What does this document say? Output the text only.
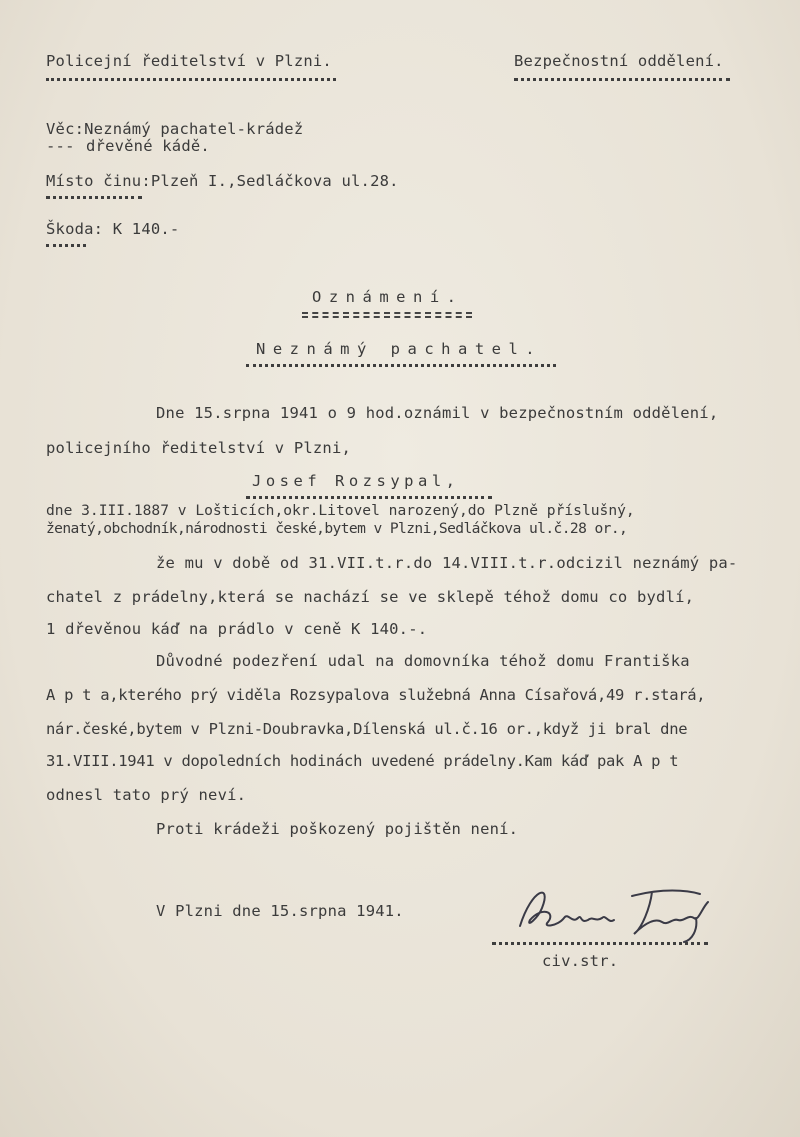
Policejní ředitelství v Plzni.	Bezpečnostní oddělení.
Věc:Neznámý pachatel-krádež
--- dřevěné kádě.
Místo činu:Plzeň I.,Sedláčkova ul.28.
Škoda: K 140.-
Oznámení.
Neznámý pachatel.
Dne 15.srpna 1941 o 9 hod.oznámil v bezpečnostním oddělení,
policejního ředitelství v Plzni,
Josef Rozsypal,
dne 3.III.1887 v Lošticích,okr.Litovel narozený,do Plzně příslušný,
ženatý,obchodník,národnosti české,bytem v Plzni,Sedláčkova ul.č.28 or.,
že mu v době od 31.VII.t.r.do 14.VIII.t.r.odcizil neznámý pa-
chatel z prádelny,která se nachází se ve sklepě téhož domu co bydlí,
1 dřevěnou káď na prádlo v ceně K 140.-.
Důvodné podezření udal na domovníka téhož domu Františka
A p t a,kterého prý viděla Rozsypalova služebná Anna Císařová,49 r.stará,
nár.české,bytem v Plzni-Doubravka,Dílenská ul.č.16 or.,když ji bral dne
31.VIII.1941 v dopoledních hodinách uvedené prádelny.Kam káď pak A p t
odnesl tato prý neví.
Proti krádeži poškozený pojištěn není.
V Plzni dne 15.srpna 1941.
civ.str.
